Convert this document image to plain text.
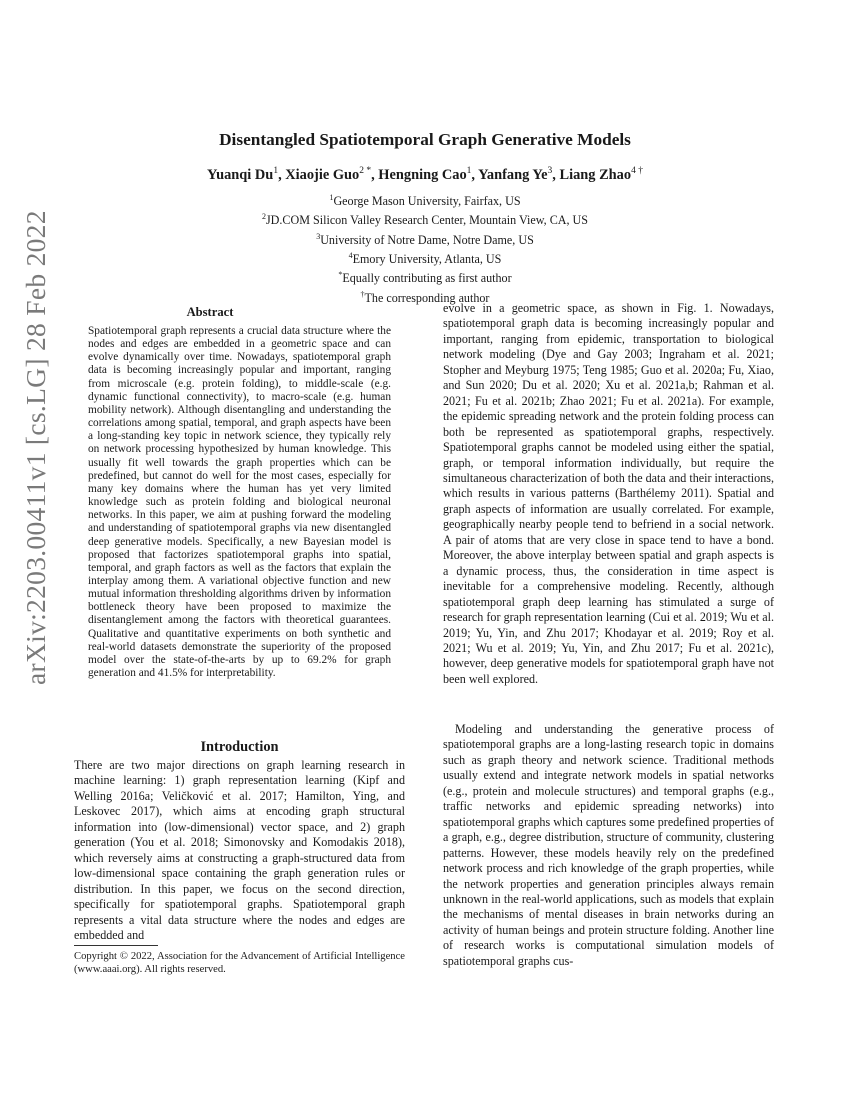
arXiv:2203.00411v1 [cs.LG] 28 Feb 2022
Disentangled Spatiotemporal Graph Generative Models
Yuanqi Du$^1$, Xiaojie Guo$^{2 *}$, Hengning Cao$^1$, Yanfang Ye$^3$, Liang Zhao$^{4 \dagger}$
$^1$George Mason University, Fairfax, US
$^2$JD.COM Silicon Valley Research Center, Mountain View, CA, US
$^3$University of Notre Dame, Notre Dame, US
$^4$Emory University, Atlanta, US
*Equally contributing as first author
†The corresponding author
Abstract
Spatiotemporal graph represents a crucial data structure where the nodes and edges are embedded in a geometric space and can evolve dynamically over time. Nowadays, spatiotemporal graph data is becoming increasingly popular and important, ranging from microscale (e.g. protein folding), to middle-scale (e.g. dynamic functional connectivity), to macro-scale (e.g. human mobility network). Although disentangling and understanding the correlations among spatial, temporal, and graph aspects have been a long-standing key topic in network science, they typically rely on network processing hypothesized by human knowledge. This usually fit well towards the graph properties which can be predefined, but cannot do well for the most cases, especially for many key domains where the human has yet very limited knowledge such as protein folding and biological neuronal networks. In this paper, we aim at pushing forward the modeling and understanding of spatiotemporal graphs via new disentangled deep generative models. Specifically, a new Bayesian model is proposed that factorizes spatiotemporal graphs into spatial, temporal, and graph factors as well as the factors that explain the interplay among them. A variational objective function and new mutual information thresholding algorithms driven by information bottleneck theory have been proposed to maximize the disentanglement among the factors with theoretical guarantees. Qualitative and quantitative experiments on both synthetic and real-world datasets demonstrate the superiority of the proposed model over the state-of-the-arts by up to 69.2% for graph generation and 41.5% for interpretability.
Introduction
There are two major directions on graph learning research in machine learning: 1) graph representation learning (Kipf and Welling 2016a; Veličković et al. 2017; Hamilton, Ying, and Leskovec 2017), which aims at encoding graph structural information into (low-dimensional) vector space, and 2) graph generation (You et al. 2018; Simonovsky and Komodakis 2018), which reversely aims at constructing a graph-structured data from low-dimensional space containing the graph generation rules or distribution. In this paper, we focus on the second direction, specifically for spatiotemporal graphs. Spatiotemporal graph represents a vital data structure where the nodes and edges are embedded and
Copyright © 2022, Association for the Advancement of Artificial Intelligence (www.aaai.org). All rights reserved.
evolve in a geometric space, as shown in Fig. 1. Nowadays, spatiotemporal graph data is becoming increasingly popular and important, ranging from epidemic, transportation to biological network modeling (Dye and Gay 2003; Ingraham et al. 2021; Stopher and Meyburg 1975; Teng 1985; Guo et al. 2020a; Fu, Xiao, and Sun 2020; Du et al. 2020; Xu et al. 2021a,b; Rahman et al. 2021; Fu et al. 2021b; Zhao 2021; Fu et al. 2021a). For example, the epidemic spreading network and the protein folding process can both be represented as spatiotemporal graphs, respectively. Spatiotemporal graphs cannot be modeled using either the spatial, graph, or temporal information individually, but require the simultaneous characterization of both the data and their interactions, which results in various patterns (Barthélemy 2011). Spatial and graph aspects of information are usually correlated. For example, geographically nearby people tend to befriend in a social network. A pair of atoms that are very close in space tend to have a bond. Moreover, the above interplay between spatial and graph aspects is a dynamic process, thus, the consideration in time aspect is inevitable for a comprehensive modeling. Recently, although spatiotemporal graph deep learning has stimulated a surge of research for graph representation learning (Cui et al. 2019; Wu et al. 2019; Yu, Yin, and Zhu 2017; Khodayar et al. 2019; Roy et al. 2021; Wu et al. 2019; Yu, Yin, and Zhu 2017; Fu et al. 2021c), however, deep generative models for spatiotemporal graph have not been well explored.
Modeling and understanding the generative process of spatiotemporal graphs are a long-lasting research topic in domains such as graph theory and network science. Traditional methods usually extend and integrate network models in spatial networks (e.g., protein and molecule structures) and temporal graphs (e.g., traffic networks and epidemic spreading networks) into spatiotemporal graphs which captures some predefined properties of a graph, e.g., degree distribution, structure of community, clustering patterns. However, these models heavily rely on the predefined network process and rich knowledge of the graph properties, while the network properties and generation principles always remain unknown in the real-world applications, such as models that explain the mechanisms of mental diseases in brain networks during an activity of human beings and protein structure folding. Another line of research works is computational simulation models of spatiotemporal graphs cus-
